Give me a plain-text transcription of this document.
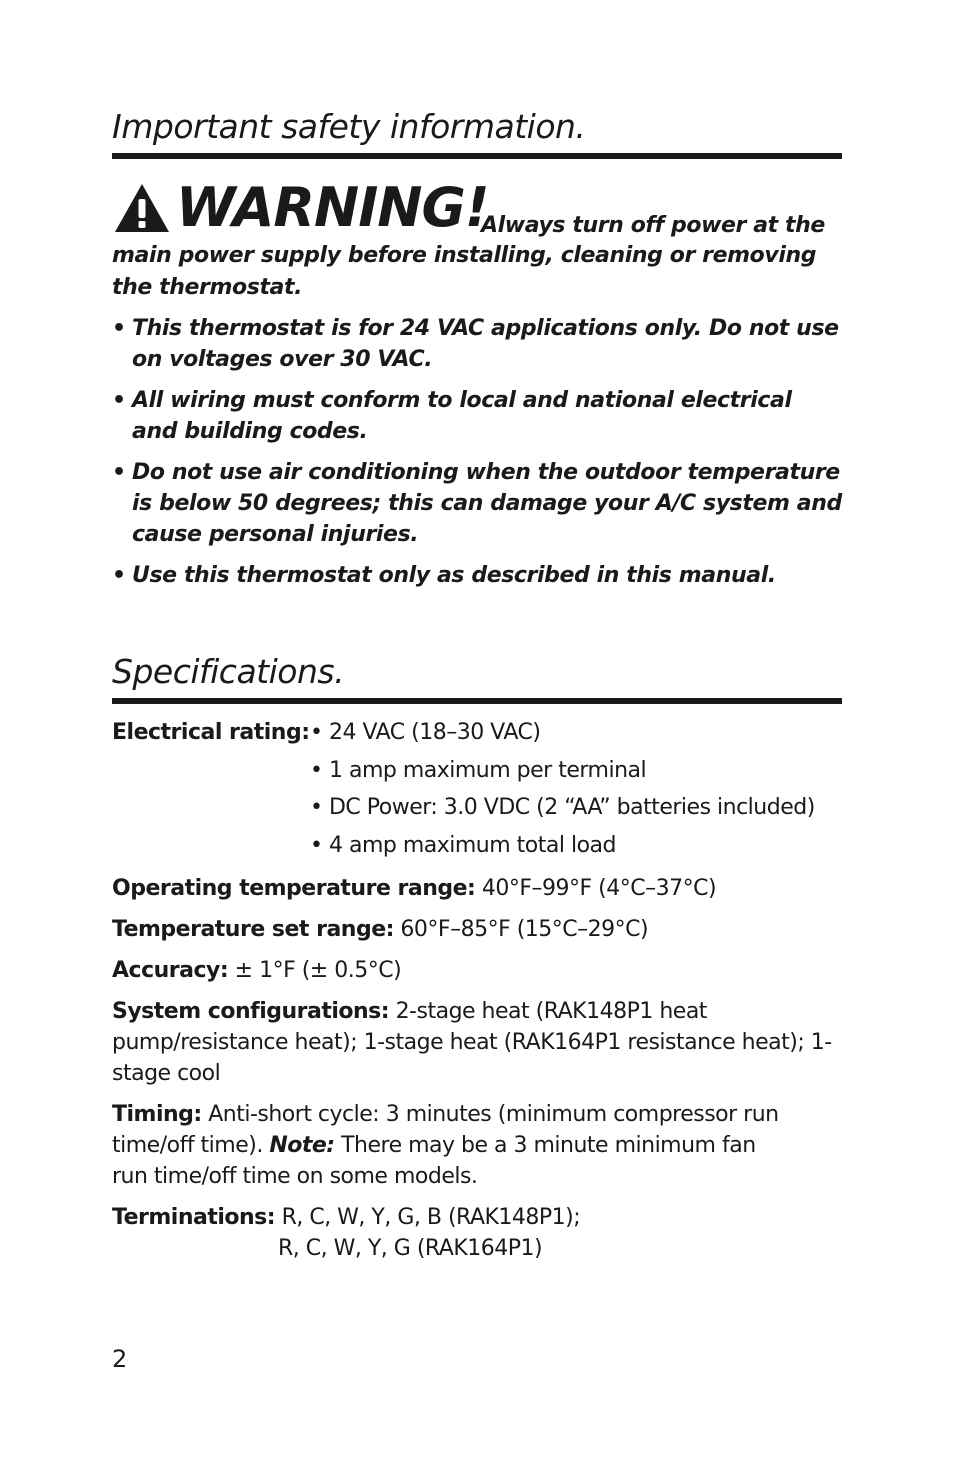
Important safety information.
WARNING!
Always turn off power at the

main power supply before installing, cleaning or removing the thermostat.

• This thermostat is for 24 VAC applications only. Do not use on voltages over 30 VAC.
• All wiring must conform to local and national electrical and building codes.
• Do not use air conditioning when the outdoor temperature is below 50 degrees; this can damage your A/C system and cause personal injuries.
• Use this thermostat only as described in this manual.
Specifications.
Electrical rating: • 24 VAC (18–30 VAC)
• 1 amp maximum per terminal
• DC Power: 3.0 VDC (2 “AA” batteries included)
• 4 amp maximum total load

Operating temperature range: 40°F–99°F (4°C–37°C)

Temperature set range: 60°F–85°F (15°C–29°C)

Accuracy: ± 1°F (± 0.5°C)

System configurations: 2-stage heat (RAK148P1 heat pump/resistance heat); 1-stage heat (RAK164P1 resistance heat); 1-stage cool

Timing: Anti-short cycle: 3 minutes (minimum compressor run time/off time). Note: There may be a 3 minute minimum fan run time/off time on some models.

Terminations: R, C, W, Y, G, B (RAK148P1);
R, C, W, Y, G (RAK164P1)

2
